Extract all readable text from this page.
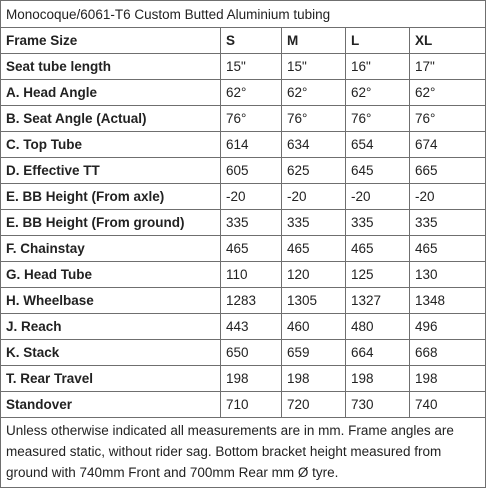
Monocoque/6061-T6 Custom Butted Aluminium tubing				
Frame Size	S	M	L	XL
Seat tube length	15"	15"	16"	17"
A. Head Angle	62°	62°	62°	62°
B. Seat Angle (Actual)	76°	76°	76°	76°
C. Top Tube	614	634	654	674
D. Effective TT	605	625	645	665
E. BB Height (From axle)	-20	-20	-20	-20
E. BB Height (From ground)	335	335	335	335
F. Chainstay	465	465	465	465
G. Head Tube	110	120	125	130
H. Wheelbase	1283	1305	1327	1348
J. Reach	443	460	480	496
K. Stack	650	659	664	668
T. Rear Travel	198	198	198	198
Standover	710	720	730	740
Unless otherwise indicated all measurements are in mm. Frame angles are measured static, without rider sag. Bottom bracket height measured from ground with 740mm Front and 700mm Rear mm Ø tyre.				
